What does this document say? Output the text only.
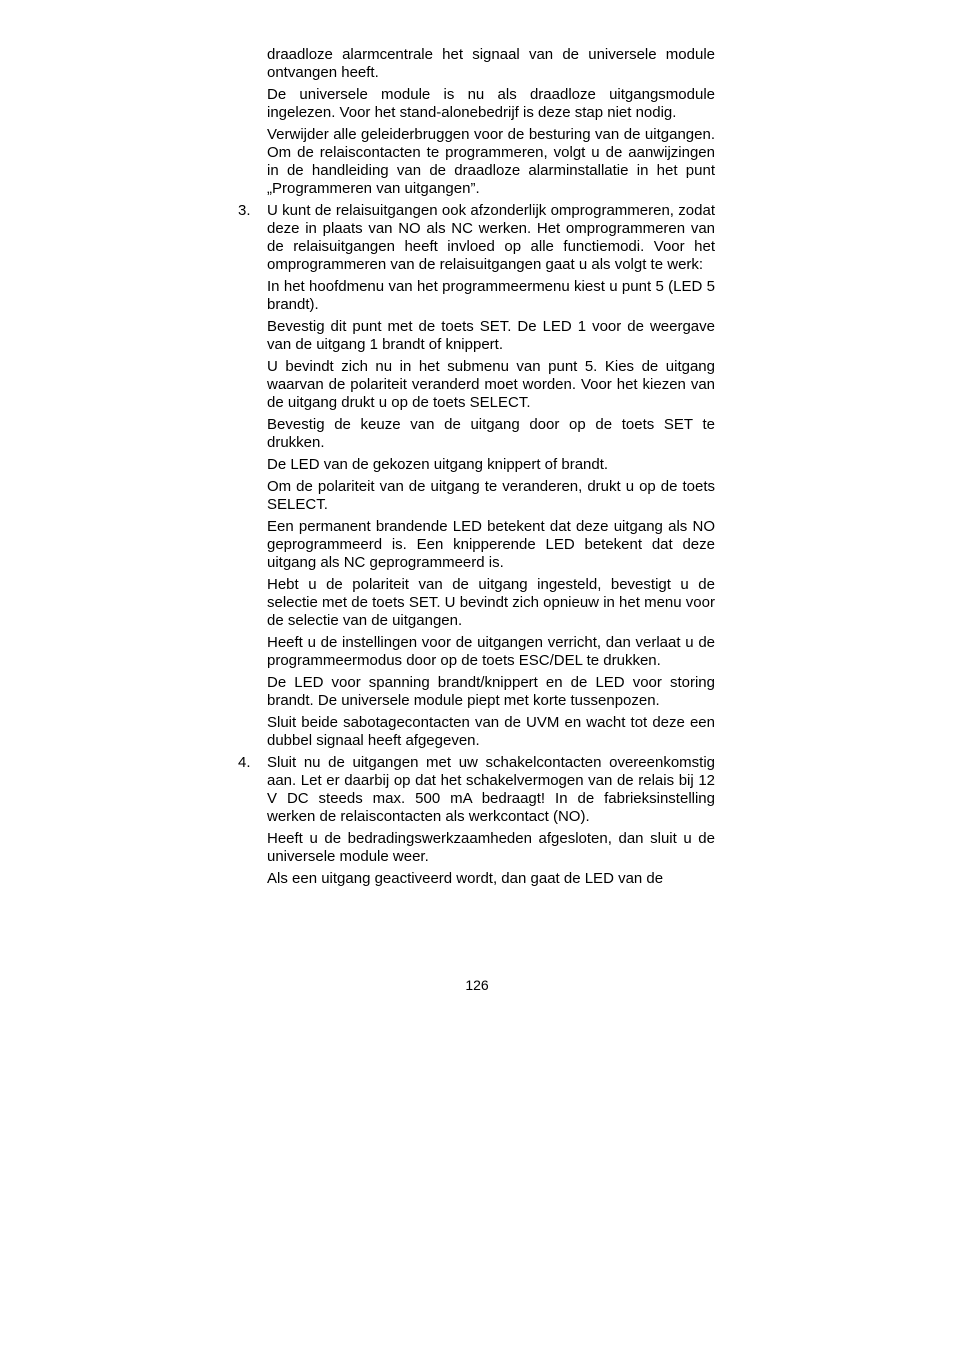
draadloze alarmcentrale het signaal van de universele module ontvangen heeft.

De universele module is nu als draadloze uitgangsmodule ingelezen. Voor het stand-alonebedrijf is deze stap niet nodig.

Verwijder alle geleiderbruggen voor de besturing van de uitgangen. Om de relaiscontacten te programmeren, volgt u de aanwijzingen in de handleiding van de draadloze alarminstallatie in het punt „Programmeren van uitgangen”.

3.	U kunt de relaisuitgangen ook afzonderlijk omprogrammeren, zodat deze in plaats van NO als NC werken. Het omprogrammeren van de relaisuitgangen heeft invloed op alle functiemodi. Voor het omprogrammeren van de relaisuitgangen gaat u als volgt te werk:

In het hoofdmenu van het programmeermenu kiest u punt 5 (LED 5 brandt).

Bevestig dit punt met de toets SET. De LED 1 voor de weergave van de uitgang 1 brandt of knippert.

U bevindt zich nu in het submenu van punt 5. Kies de uitgang waarvan de polariteit veranderd moet worden. Voor het kiezen van de uitgang drukt u op de toets SELECT.

Bevestig de keuze van de uitgang door op de toets SET te drukken.

De LED van de gekozen uitgang knippert of brandt.

Om de polariteit van de uitgang te veranderen, drukt u op de toets SELECT.

Een permanent brandende LED betekent dat deze uitgang als NO geprogrammeerd is. Een knipperende LED betekent dat deze uitgang als NC geprogrammeerd is.

Hebt u de polariteit van de uitgang ingesteld, bevestigt u de selectie met de toets SET. U bevindt zich opnieuw in het menu voor de selectie van de uitgangen.

Heeft u de instellingen voor de uitgangen verricht, dan verlaat u de programmeermodus door op de toets ESC/DEL te drukken.

De LED voor spanning brandt/knippert en de LED voor storing brandt. De universele module piept met korte tussenpozen.

Sluit beide sabotagecontacten van de UVM en wacht tot deze een dubbel signaal heeft afgegeven.

4.	Sluit nu de uitgangen met uw schakelcontacten overeenkomstig aan. Let er daarbij op dat het schakelvermogen van de relais bij 12 V DC steeds max. 500 mA bedraagt! In de fabrieksinstelling werken de relaiscontacten als werkcontact (NO).

Heeft u de bedradingswerkzaamheden afgesloten, dan sluit u de universele module weer.

Als een uitgang geactiveerd wordt, dan gaat de LED van de

126
